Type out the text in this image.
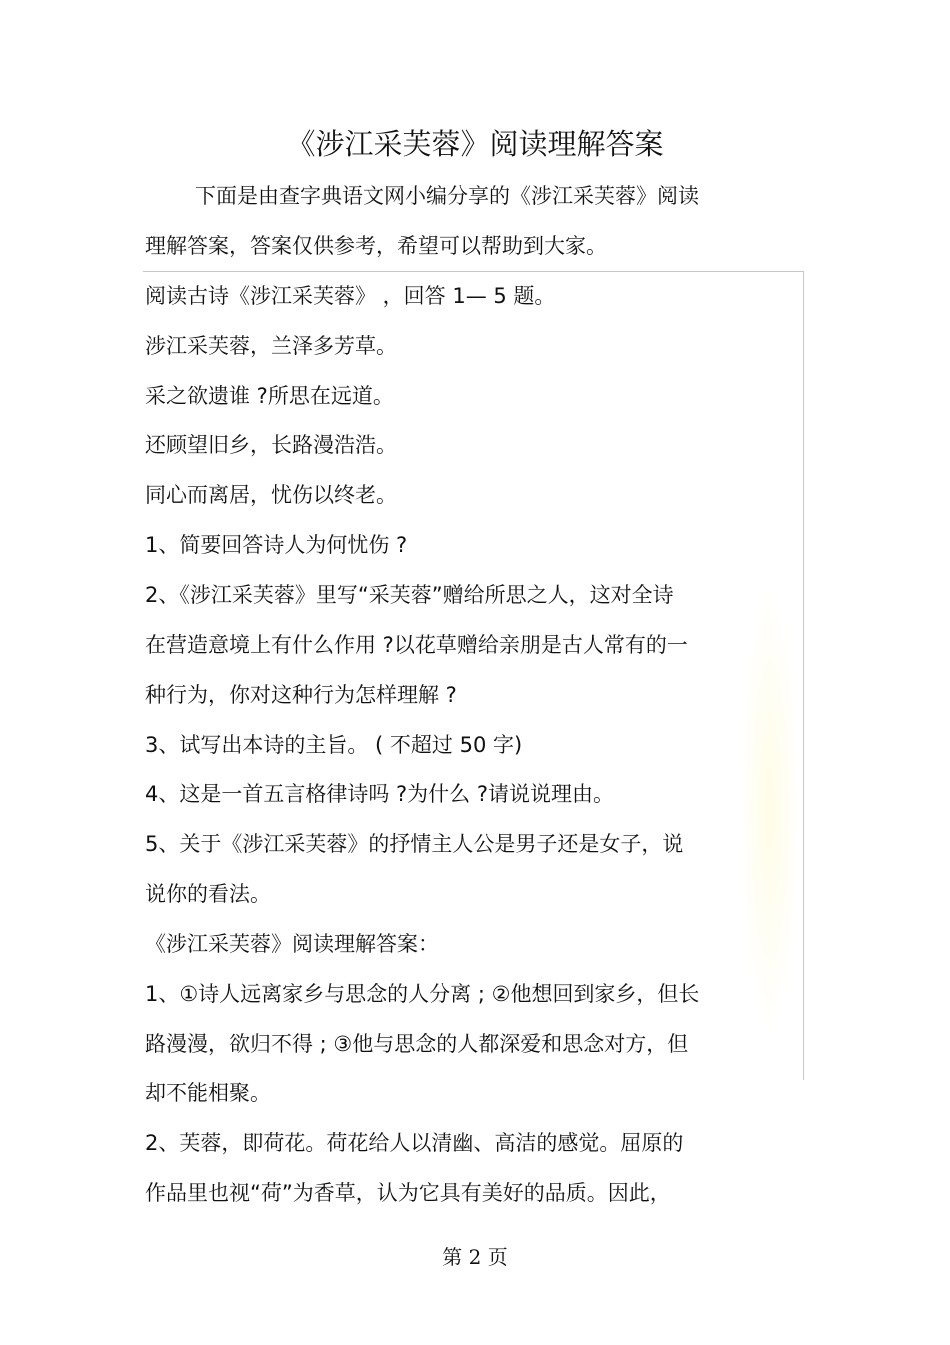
《涉江采芙蓉》阅读理解答案
下面是由查字典语文网小编分享的《涉江采芙蓉》阅读
理解答案，答案仅供参考，希望可以帮助到大家。
阅读古诗《涉江采芙蓉》 ，回答 1— 5 题。
涉江采芙蓉，兰泽多芳草。
采之欲遗谁 ?所思在远道。
还顾望旧乡，长路漫浩浩。
同心而离居，忧伤以终老。
1、简要回答诗人为何忧伤 ?
2、《涉江采芙蓉》里写“采芙蓉”赠给所思之人，这对全诗
在营造意境上有什么作用 ?以花草赠给亲朋是古人常有的一
种行为，你对这种行为怎样理解 ?
3、试写出本诗的主旨。 ( 不超过 50 字)
4、这是一首五言格律诗吗 ?为什么 ?请说说理由。
5、关于《涉江采芙蓉》的抒情主人公是男子还是女子，说
说你的看法。
《涉江采芙蓉》阅读理解答案：
1、①诗人远离家乡与思念的人分离 ; ②他想回到家乡，但长
路漫漫，欲归不得 ; ③他与思念的人都深爱和思念对方，但
却不能相聚。
2、芙蓉，即荷花。荷花给人以清幽、高洁的感觉。屈原的
作品里也视“荷”为香草，认为它具有美好的品质。因此，
第 2 页
